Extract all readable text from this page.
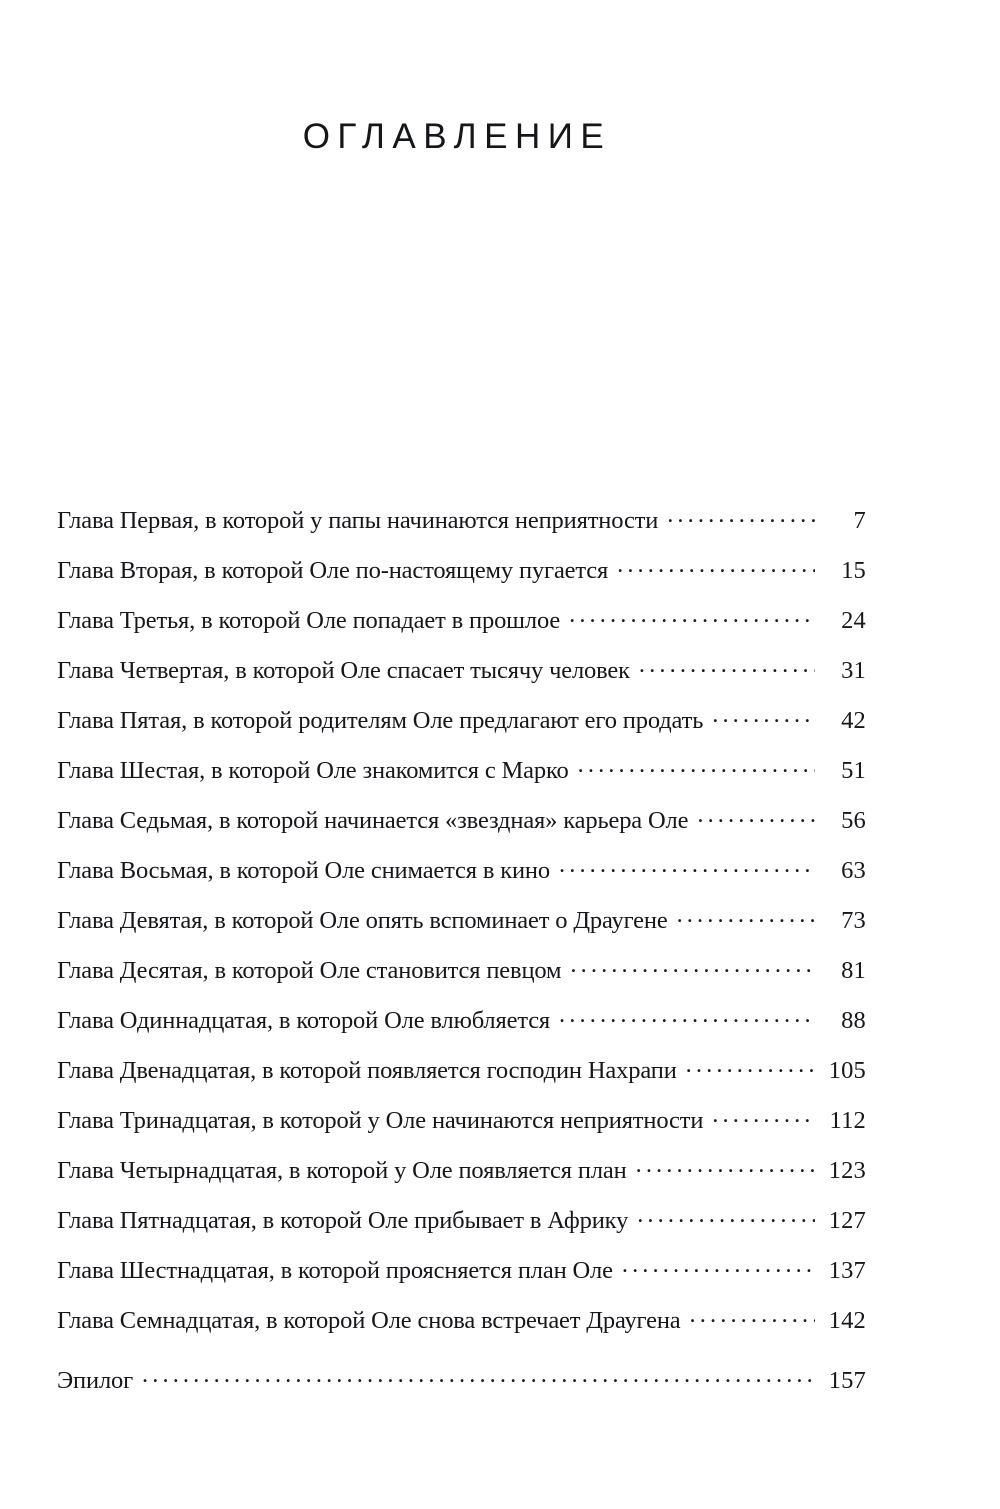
ОГЛАВЛЕНИЕ
Глава Первая, в которой у папы начинаются неприятности .....	7
Глава Вторая, в которой Оле по-настоящему пугается .....	15
Глава Третья, в которой Оле попадает в прошлое .....	24
Глава Четвертая, в которой Оле спасает тысячу человек .....	31
Глава Пятая, в которой родителям Оле предлагают его продать .....	42
Глава Шестая, в которой Оле знакомится с Марко .....	51
Глава Седьмая, в которой начинается «звездная» карьера Оле .....	56
Глава Восьмая, в которой Оле снимается в кино .....	63
Глава Девятая, в которой Оле опять вспоминает о Драугене .....	73
Глава Десятая, в которой Оле становится певцом .....	81
Глава Одиннадцатая, в которой Оле влюбляется .....	88
Глава Двенадцатая, в которой появляется господин Нахрапи .....	105
Глава Тринадцатая, в которой у Оле начинаются неприятности .....	112
Глава Четырнадцатая, в которой у Оле появляется план .....	123
Глава Пятнадцатая, в которой Оле прибывает в Африку .....	127
Глава Шестнадцатая, в которой проясняется план Оле .....	137
Глава Семнадцатая, в которой Оле снова встречает Драугена .....	142
Эпилог .....	157
